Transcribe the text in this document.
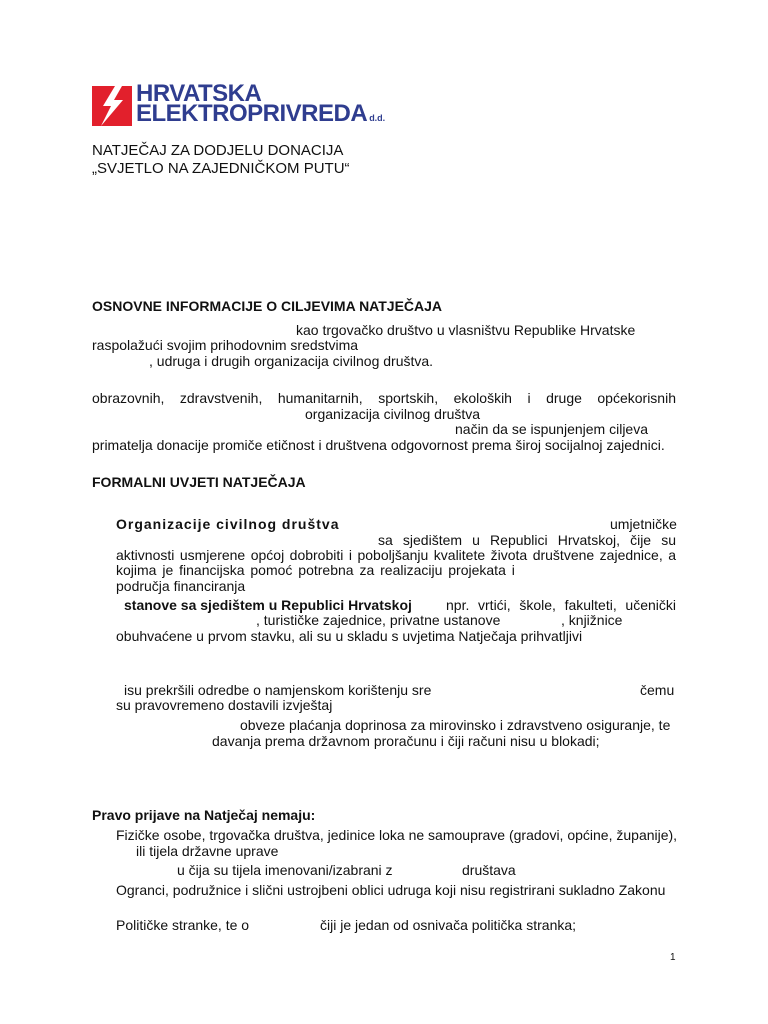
HRVATSKA
ELEKTROPRIVREDA d.d.
NATJEČAJ ZA DODJELU DONACIJA
„SVJETLO NA ZAJEDNIČKOM PUTU“
OSNOVNE INFORMACIJE O CILJEVIMA NATJEČAJA
kao trgovačko društvo u vlasništvu Republike Hrvatske
raspolažući svojim prihodovnim sredstvima
, udruga i drugih organizacija civilnog društva.
obrazovnih, zdravstvenih, humanitarnih, sportskih, ekoloških i druge općekorisnih
organizacija civilnog društva
način da se ispunjenjem ciljeva
primatelja donacije promiče etičnost i društvena odgovornost prema široj socijalnoj zajednici.
FORMALNI UVJETI NATJEČAJA
Organizacije civilnog društva	umjetničke
sa sjedištem u Republici Hrvatskoj, čije su
aktivnosti usmjerene općoj dobrobiti i poboljšanju kvalitete života društvene zajednice, a
kojima je financijska pomoć potrebna za realizaciju projekata i
područja financiranja
stanove sa sjedištem u Republici Hrvatskoj npr. vrtići, škole, fakulteti, učenički
, turističke zajednice, privatne ustanove	, knjižnice
obuhvaćene u prvom stavku, ali su u skladu s uvjetima Natječaja prihvatljivi
isu prekršili odredbe o namjenskom korištenju sre	čemu
su pravovremeno dostavili izvještaj
obveze plaćanja doprinosa za mirovinsko i zdravstveno osiguranje, te
davanja prema državnom proračunu i čiji računi nisu u blokadi;
Pravo prijave na Natječaj nemaju:
Fizičke osobe, trgovačka društva, jedinice loka ne samouprave (gradovi, općine, županije),
ili tijela državne uprave
u čija su tijela imenovani/izabrani z	društava
Ogranci, podružnice i slični ustrojbeni oblici udruga koji nisu registrirani sukladno Zakonu
Političke stranke, te o	čiji je jedan od osnivača politička stranka;
1
